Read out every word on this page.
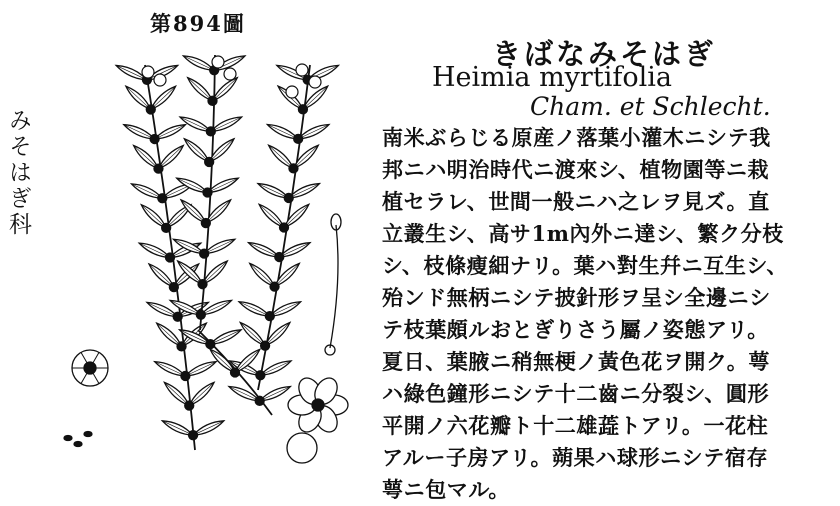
第894圖
みそはぎ科
きばなみそはぎ
Heimia myrtifolia
Cham. et Schlecht.
南米ぶらじる原産ノ落葉小灌木ニシテ我
邦ニハ明治時代ニ渡來シ、植物園等ニ栽
植セラレ、世間一般ニハ之レヲ見ズ。直
立叢生シ、高サ1m內外ニ達シ、繁ク分枝
シ、枝條瘦細ナリ。葉ハ對生幷ニ互生シ、
殆ンド無柄ニシテ披針形ヲ呈シ全邊ニシ
テ枝葉頗ルおとぎりさう屬ノ姿態アリ。
夏日、葉腋ニ稍無梗ノ黃色花ヲ開ク。萼
ハ綠色鐘形ニシテ十二齒ニ分裂シ、圓形
平開ノ六花瓣ト十二雄蕋トアリ。一花柱
アルー子房アリ。蒴果ハ球形ニシテ宿存
萼ニ包マル。
